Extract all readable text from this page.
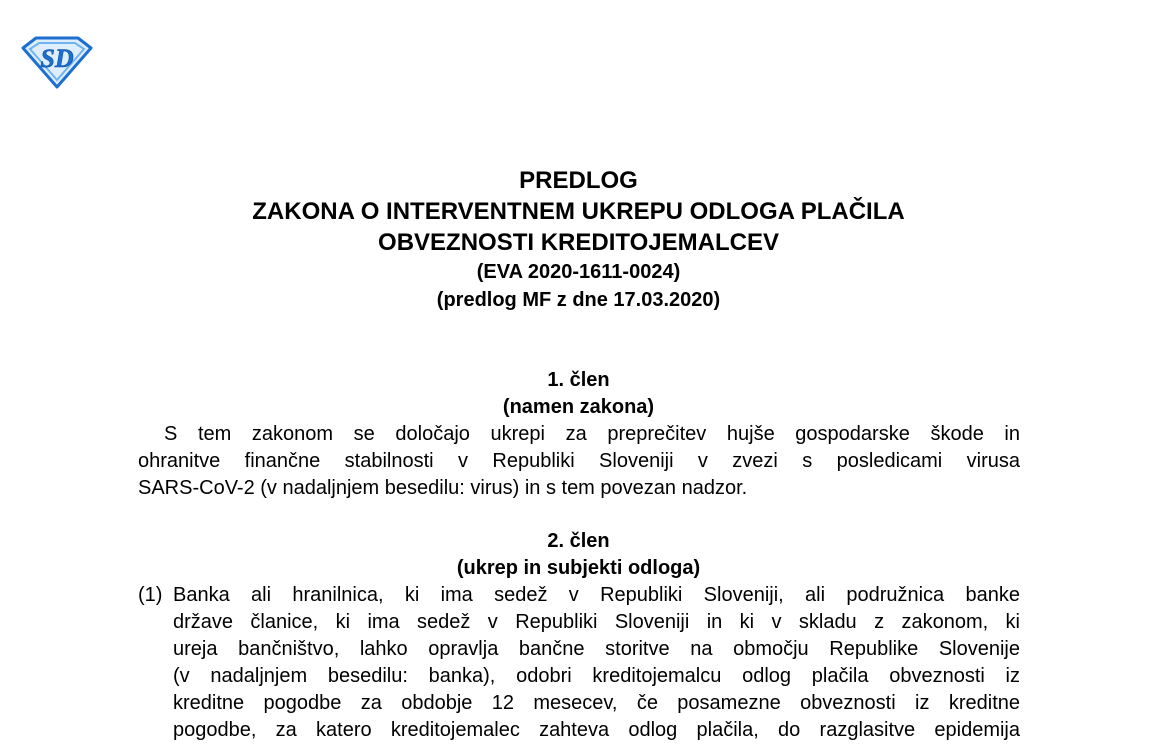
SD
PREDLOG
ZAKONA O INTERVENTNEM UKREPU ODLOGA PLAČILA
OBVEZNOSTI KREDITOJEMALCEV
(EVA 2020-1611-0024)
(predlog MF z dne 17.03.2020)
1. člen
(namen zakona)
S tem zakonom se določajo ukrepi za preprečitev hujše gospodarske škode in
ohranitve finančne stabilnosti v Republiki Sloveniji v zvezi s posledicami virusa
SARS-CoV-2 (v nadaljnjem besedilu: virus) in s tem povezan nadzor.
2. člen
(ukrep in subjekti odloga)
(1) Banka ali hranilnica, ki ima sedež v Republiki Sloveniji, ali podružnica banke
države članice, ki ima sedež v Republiki Sloveniji in ki v skladu z zakonom, ki
ureja bančništvo, lahko opravlja bančne storitve na območju Republike Slovenije
(v nadaljnjem besedilu: banka), odobri kreditojemalcu odlog plačila obveznosti iz
kreditne pogodbe za obdobje 12 mesecev, če posamezne obveznosti iz kreditne
pogodbe, za katero kreditojemalec zahteva odlog plačila, do razglasitve epidemija
